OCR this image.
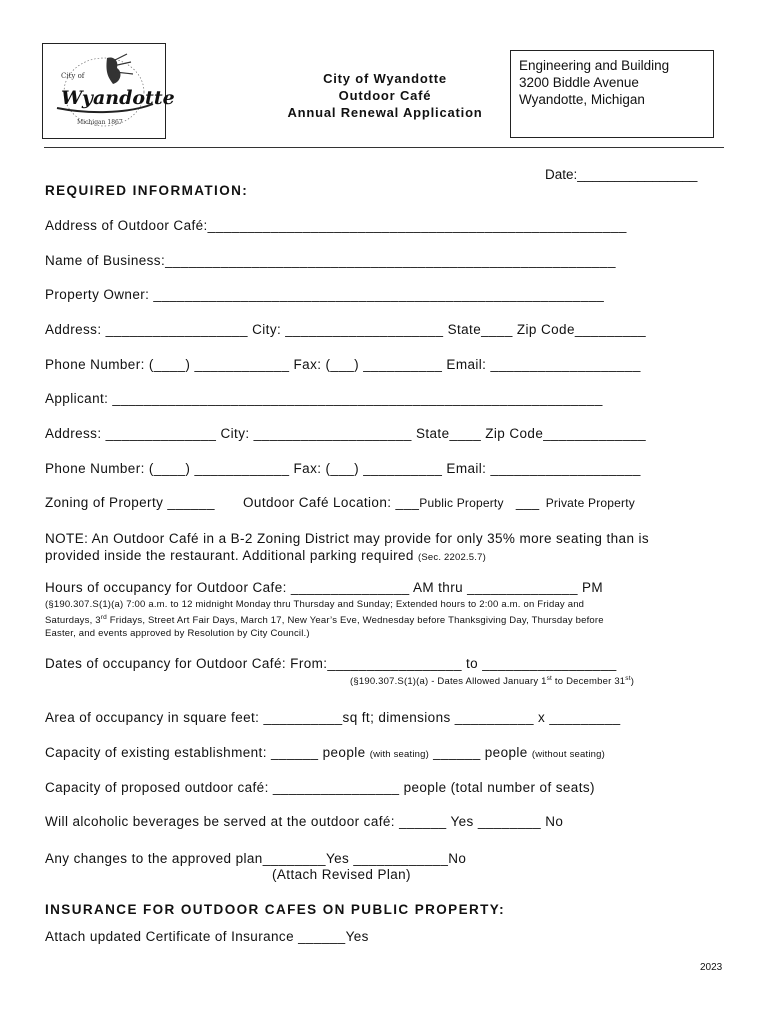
City of
Wyandotte
Michigan 1867
City of Wyandotte
Outdoor Café
Annual Renewal Application
Engineering and Building
3200 Biddle Avenue
Wyandotte, Michigan
Date:________________
REQUIRED INFORMATION:
Address of Outdoor Café:_____________________________________________________
Name of Business:_________________________________________________________
Property Owner: _________________________________________________________
Address: __________________ City: ____________________ State____ Zip Code_________
Phone Number: (____) ____________ Fax: (___) __________ Email: ___________________
Applicant: ______________________________________________________________
Address: ______________ City: ____________________ State____ Zip Code_____________
Phone Number: (____) ____________ Fax: (___) __________ Email: ___________________
Zoning of Property ______ Outdoor Café Location: ___Public Property ___ Private Property
NOTE: An Outdoor Café in a B-2 Zoning District may provide for only 35% more seating than is
provided inside the restaurant. Additional parking required (Sec. 2202.5.7)
Hours of occupancy for Outdoor Cafe: _______________ AM thru ______________ PM
(§190.307.S(1)(a) 7:00 a.m. to 12 midnight Monday thru Thursday and Sunday; Extended hours to 2:00 a.m. on Friday and
Saturdays, 3rd Fridays, Street Art Fair Days, March 17, New Year’s Eve, Wednesday before Thanksgiving Day, Thursday before
Easter, and events approved by Resolution by City Council.)
Dates of occupancy for Outdoor Café: From:_________________ to _________________
(§190.307.S(1)(a) - Dates Allowed January 1st to December 31st)
Area of occupancy in square feet: __________sq ft; dimensions __________ x _________
Capacity of existing establishment: ______ people (with seating) ______ people (without seating)
Capacity of proposed outdoor café: ________________ people (total number of seats)
Will alcoholic beverages be served at the outdoor café: ______ Yes ________ No
Any changes to the approved plan________Yes ____________No
(Attach Revised Plan)
INSURANCE FOR OUTDOOR CAFES ON PUBLIC PROPERTY:
Attach updated Certificate of Insurance ______Yes
2023
